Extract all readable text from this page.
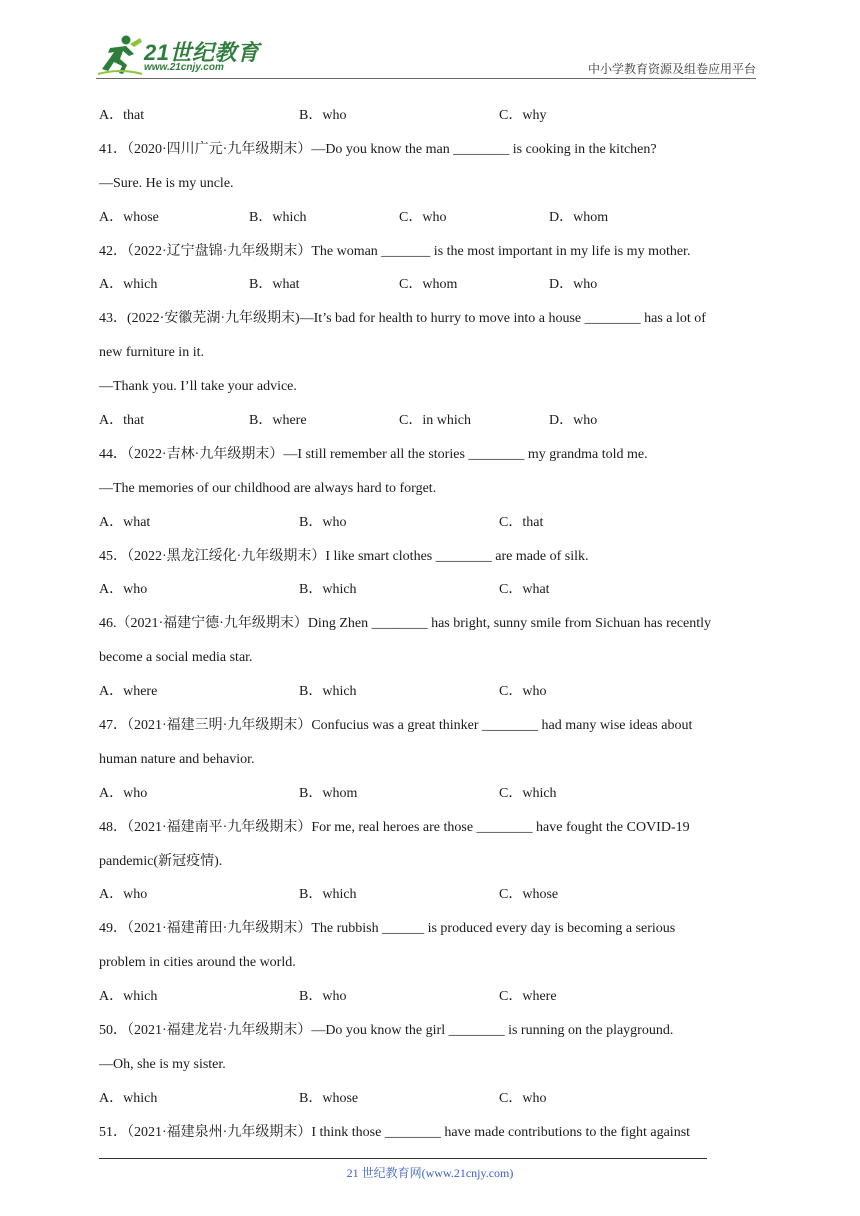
21世纪教育
www.21cnjy.com	中小学教育资源及组卷应用平台
A．that	B．who	C．why
41．（2020·四川广元·九年级期末）—Do you know the man ________ is cooking in the kitchen?
—Sure. He is my uncle.
A．whose	B．which	C．who	D．whom
42．（2022·辽宁盘锦·九年级期末）The woman _______ is the most important in my life is my mother.
A．which	B．what	C．whom	D．who
43．(2022·安徽芜湖·九年级期末)—It’s bad for health to hurry to move into a house ________ has a lot of
new furniture in it.
—Thank you. I’ll take your advice.
A．that	B．where	C．in which	D．who
44．（2022·吉林·九年级期末）—I still remember all the stories ________ my grandma told me.
—The memories of our childhood are always hard to forget.
A．what	B．who	C．that
45．（2022·黑龙江绥化·九年级期末）I like smart clothes ________ are made of silk.
A．who	B．which	C．what
46.（2021·福建宁德·九年级期末）Ding Zhen ________ has bright, sunny smile from Sichuan has recently
become a social media star.
A．where	B．which	C．who
47．（2021·福建三明·九年级期末）Confucius was a great thinker ________ had many wise ideas about
human nature and behavior.
A．who	B．whom	C．which
48．（2021·福建南平·九年级期末）For me, real heroes are those ________ have fought the COVID-19
pandemic(新冠疫情).
A．who	B．which	C．whose
49．（2021·福建莆田·九年级期末）The rubbish ______ is produced every day is becoming a serious
problem in cities around the world.
A．which	B．who	C．where
50．（2021·福建龙岩·九年级期末）—Do you know the girl ________ is running on the playground.
—Oh, she is my sister.
A．which	B．whose	C．who
51．（2021·福建泉州·九年级期末）I think those ________ have made contributions to the fight against
21 世纪教育网(www.21cnjy.com)
